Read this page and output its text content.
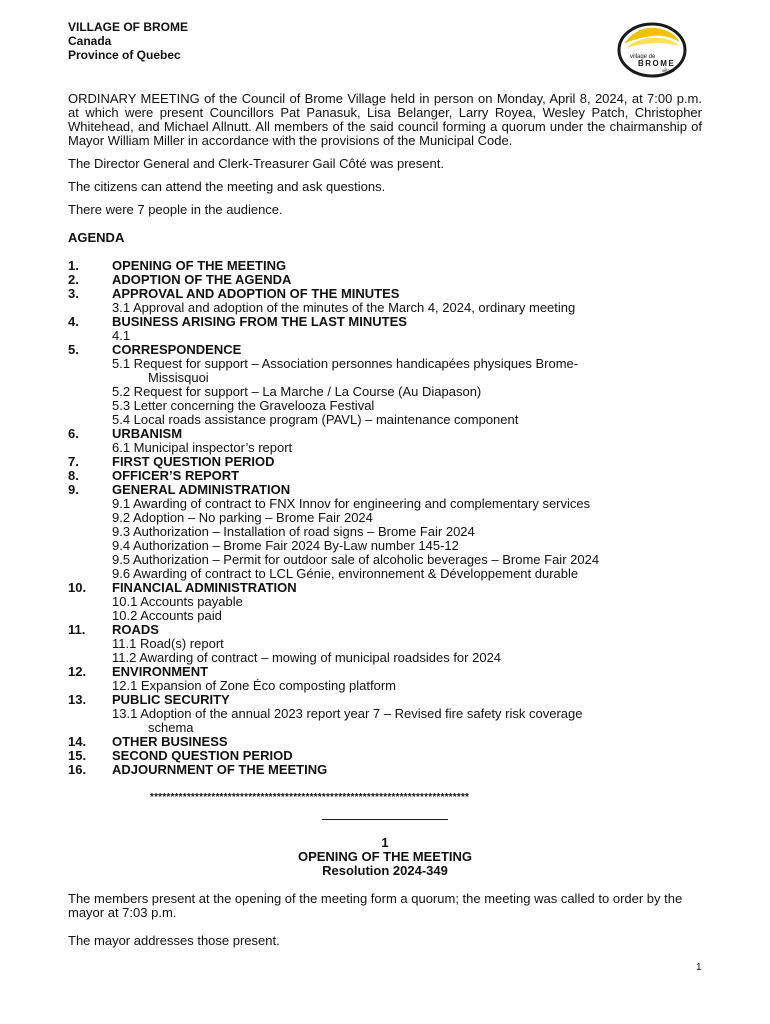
VILLAGE OF BROME
Canada
Province of Quebec	village de
BROME
village

ORDINARY MEETING of the Council of Brome Village held in person on Monday, April 8, 2024, at 7:00 p.m. at which were present Councillors Pat Panasuk, Lisa Belanger, Larry Royea, Wesley Patch, Christopher Whitehead, and Michael Allnutt. All members of the said council forming a quorum under the chairmanship of Mayor William Miller in accordance with the provisions of the Municipal Code.

The Director General and Clerk-Treasurer Gail Côté was present.

The citizens can attend the meeting and ask questions.

There were 7 people in the audience.

AGENDA

1.	OPENING OF THE MEETING
2.	ADOPTION OF THE AGENDA
3.	APPROVAL AND ADOPTION OF THE MINUTES
3.1 Approval and adoption of the minutes of the March 4, 2024, ordinary meeting
4.	BUSINESS ARISING FROM THE LAST MINUTES
4.1
5.	CORRESPONDENCE
5.1 Request for support – Association personnes handicapées physiques Brome-
Missisquoi
5.2 Request for support – La Marche / La Course (Au Diapason)
5.3 Letter concerning the Gravelooza Festival
5.4 Local roads assistance program (PAVL) – maintenance component
6.	URBANISM
6.1 Municipal inspector’s report
7.	FIRST QUESTION PERIOD
8.	OFFICER’S REPORT
9.	GENERAL ADMINISTRATION
9.1 Awarding of contract to FNX Innov for engineering and complementary services
9.2 Adoption – No parking – Brome Fair 2024
9.3 Authorization – Installation of road signs – Brome Fair 2024
9.4 Authorization – Brome Fair 2024 By-Law number 145-12
9.5 Authorization – Permit for outdoor sale of alcoholic beverages – Brome Fair 2024
9.6 Awarding of contract to LCL Génie, environnement & Développement durable
10.	FINANCIAL ADMINISTRATION
10.1 Accounts payable
10.2 Accounts paid
11.	ROADS
11.1 Road(s) report
11.2 Awarding of contract – mowing of municipal roadsides for 2024
12.	ENVIRONMENT
12.1 Expansion of Zone Éco composting platform
13.	PUBLIC SECURITY
13.1 Adoption of the annual 2023 report year 7 – Revised fire safety risk coverage
schema
14.	OTHER BUSINESS
15.	SECOND QUESTION PERIOD
16.	ADJOURNMENT OF THE MEETING
******************************************************************************
1
OPENING OF THE MEETING
Resolution 2024-349
The members present at the opening of the meeting form a quorum; the meeting was called to order by the mayor at 7:03 p.m.
The mayor addresses those present.
1
